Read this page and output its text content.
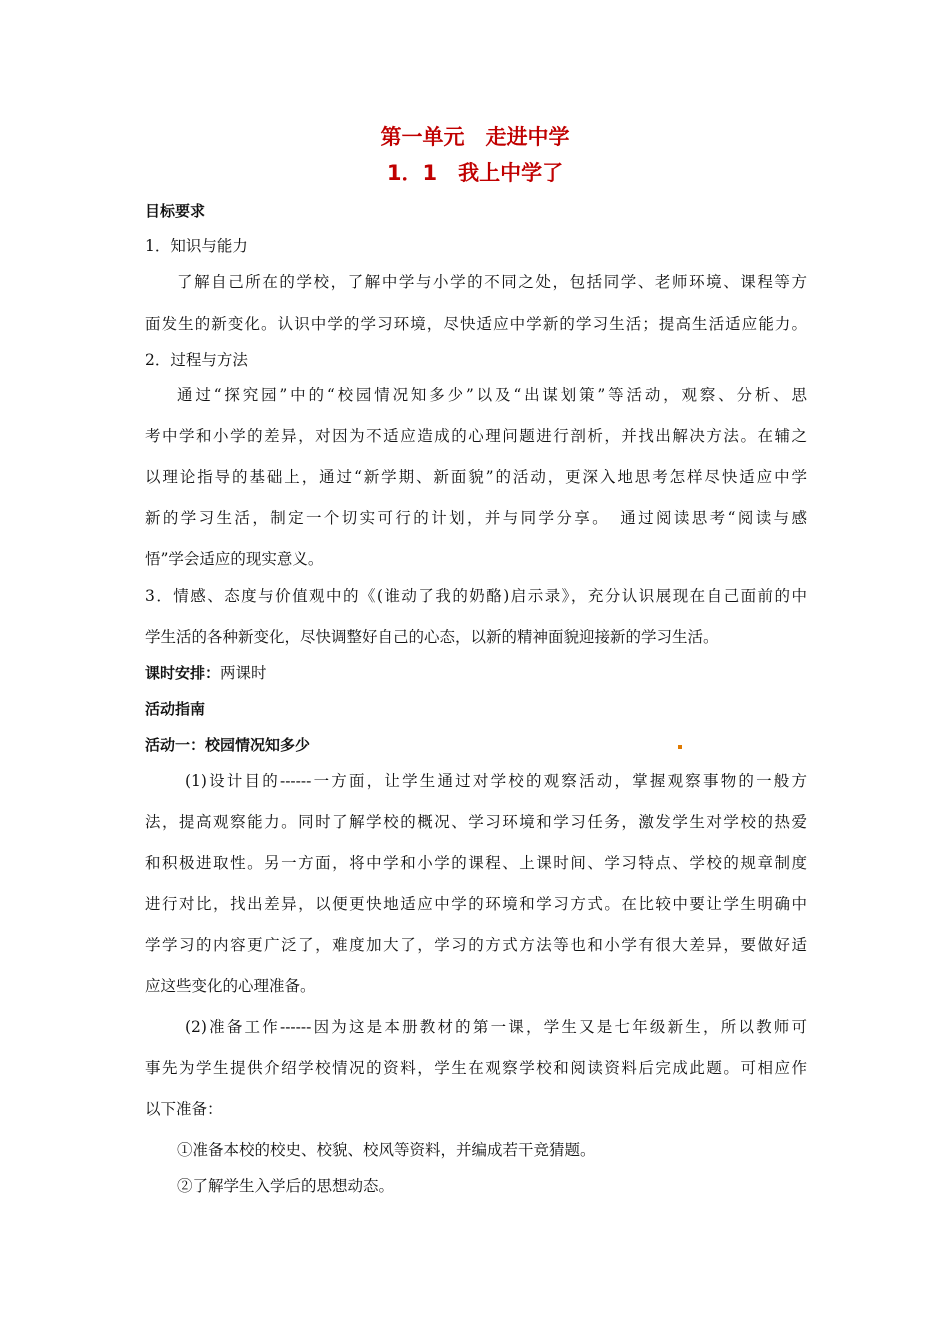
第一单元　走进中学
1．1　我上中学了
目标要求
1．知识与能力
了解自己所在的学校，了解中学与小学的不同之处，包括同学、老师环境、课程等方
面发生的新变化。认识中学的学习环境，尽快适应中学新的学习生活；提高生活适应能力。
2．过程与方法
通过“探究园”中的“校园情况知多少”以及“出谋划策”等活动，观察、分析、思
考中学和小学的差异，对因为不适应造成的心理问题进行剖析，并找出解决方法。在辅之
以理论指导的基础上，通过“新学期、新面貌”的活动，更深入地思考怎样尽快适应中学
新的学习生活，制定一个切实可行的计划，并与同学分享。　通过阅读思考“阅读与感
悟”学会适应的现实意义。
3．情感、态度与价值观中的《(谁动了我的奶酪)启示录》，充分认识展现在自己面前的中
学生活的各种新变化，尽快调整好自己的心态，以新的精神面貌迎接新的学习生活。
课时安排：两课时
活动指南
活动一：校园情况知多少
(1)设计目的------一方面，让学生通过对学校的观察活动，掌握观察事物的一般方
法，提高观察能力。同时了解学校的概况、学习环境和学习任务，激发学生对学校的热爱
和积极进取性。另一方面，将中学和小学的课程、上课时间、学习特点、学校的规章制度
进行对比，找出差异，以便更快地适应中学的环境和学习方式。在比较中要让学生明确中
学学习的内容更广泛了，难度加大了，学习的方式方法等也和小学有很大差异，要做好适
应这些变化的心理准备。
(2)准备工作------因为这是本册教材的第一课，学生又是七年级新生，所以教师可
事先为学生提供介绍学校情况的资料，学生在观察学校和阅读资料后完成此题。可相应作
以下准备：
①准备本校的校史、校貌、校风等资料，并编成若干竞猜题。
②了解学生入学后的思想动态。
